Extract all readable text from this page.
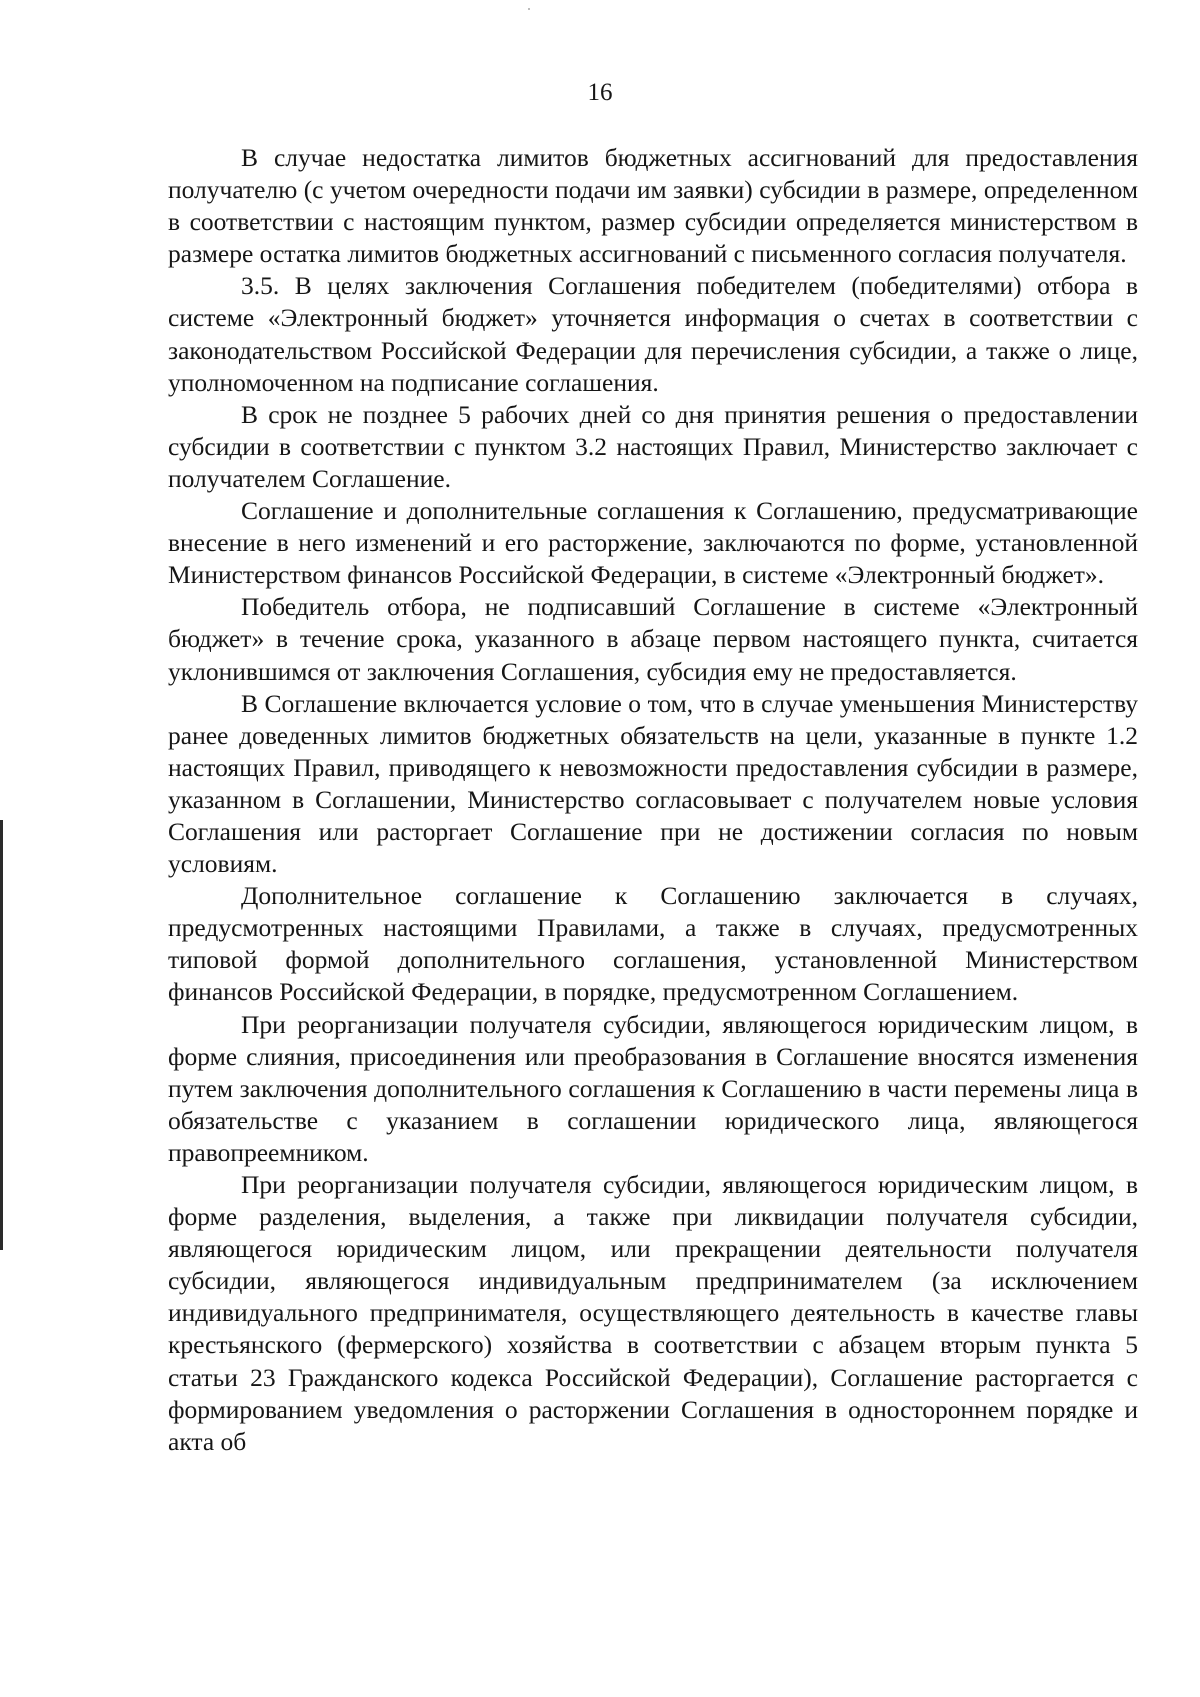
16

В случае недостатка лимитов бюджетных ассигнований для предоставления получателю (с учетом очередности подачи им заявки) субсидии в размере, определенном в соответствии с настоящим пунктом, размер субсидии определяется министерством в размере остатка лимитов бюджетных ассигнований с письменного согласия получателя.

3.5. В целях заключения Соглашения победителем (победителями) отбора в системе «Электронный бюджет» уточняется информация о счетах в соответствии с законодательством Российской Федерации для перечисления субсидии, а также о лице, уполномоченном на подписание соглашения.

В срок не позднее 5 рабочих дней со дня принятия решения о предоставлении субсидии в соответствии с пунктом 3.2 настоящих Правил, Министерство заключает с получателем Соглашение.

Соглашение и дополнительные соглашения к Соглашению, предусматривающие внесение в него изменений и его расторжение, заключаются по форме, установленной Министерством финансов Российской Федерации, в системе «Электронный бюджет».

Победитель отбора, не подписавший Соглашение в системе «Электронный бюджет» в течение срока, указанного в абзаце первом настоящего пункта, считается уклонившимся от заключения Соглашения, субсидия ему не предоставляется.

В Соглашение включается условие о том, что в случае уменьшения Министерству ранее доведенных лимитов бюджетных обязательств на цели, указанные в пункте 1.2 настоящих Правил, приводящего к невозможности предоставления субсидии в размере, указанном в Соглашении, Министерство согласовывает с получателем новые условия Соглашения или расторгает Соглашение при не достижении согласия по новым условиям.

Дополнительное соглашение к Соглашению заключается в случаях, предусмотренных настоящими Правилами, а также в случаях, предусмотренных типовой формой дополнительного соглашения, установленной Министерством финансов Российской Федерации, в порядке, предусмотренном Соглашением.

При реорганизации получателя субсидии, являющегося юридическим лицом, в форме слияния, присоединения или преобразования в Соглашение вносятся изменения путем заключения дополнительного соглашения к Соглашению в части перемены лица в обязательстве с указанием в соглашении юридического лица, являющегося правопреемником.

При реорганизации получателя субсидии, являющегося юридическим лицом, в форме разделения, выделения, а также при ликвидации получателя субсидии, являющегося юридическим лицом, или прекращении деятельности получателя субсидии, являющегося индивидуальным предпринимателем (за исключением индивидуального предпринимателя, осуществляющего деятельность в качестве главы крестьянского (фермерского) хозяйства в соответствии с абзацем вторым пункта 5 статьи 23 Гражданского кодекса Российской Федерации), Соглашение расторгается с формированием уведомления о расторжении Соглашения в одностороннем порядке и акта об
